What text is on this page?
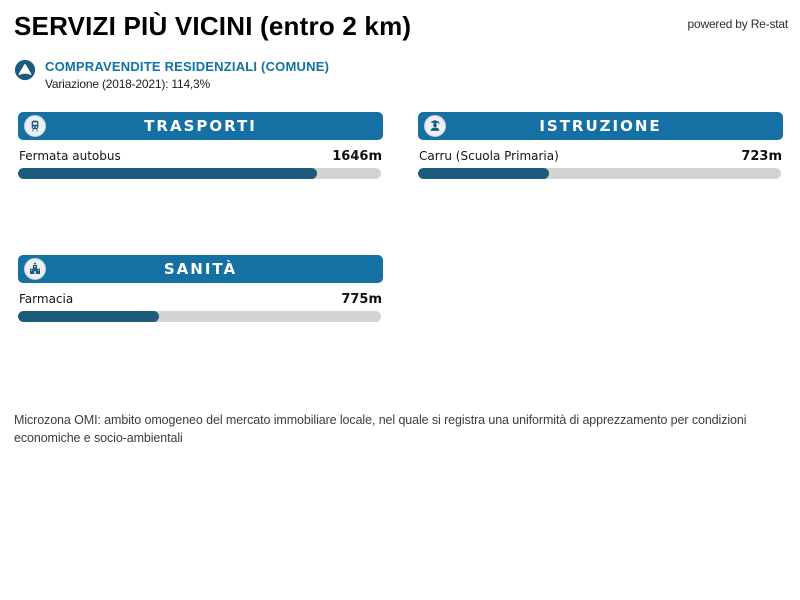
SERVIZI PIÙ VICINI (entro 2 km)	powered by Re-stat
COMPRAVENDITE RESIDENZIALI (COMUNE)
Variazione (2018-2021): 114,3%
TRASPORTI
Fermata autobus	1646m
ISTRUZIONE
Carru (Scuola Primaria)	723m
SANITÀ
Farmacia	775m
Microzona OMI: ambito omogeneo del mercato immobiliare locale, nel quale si registra una uniformità di apprezzamento per condizioni economiche e socio-ambientali
